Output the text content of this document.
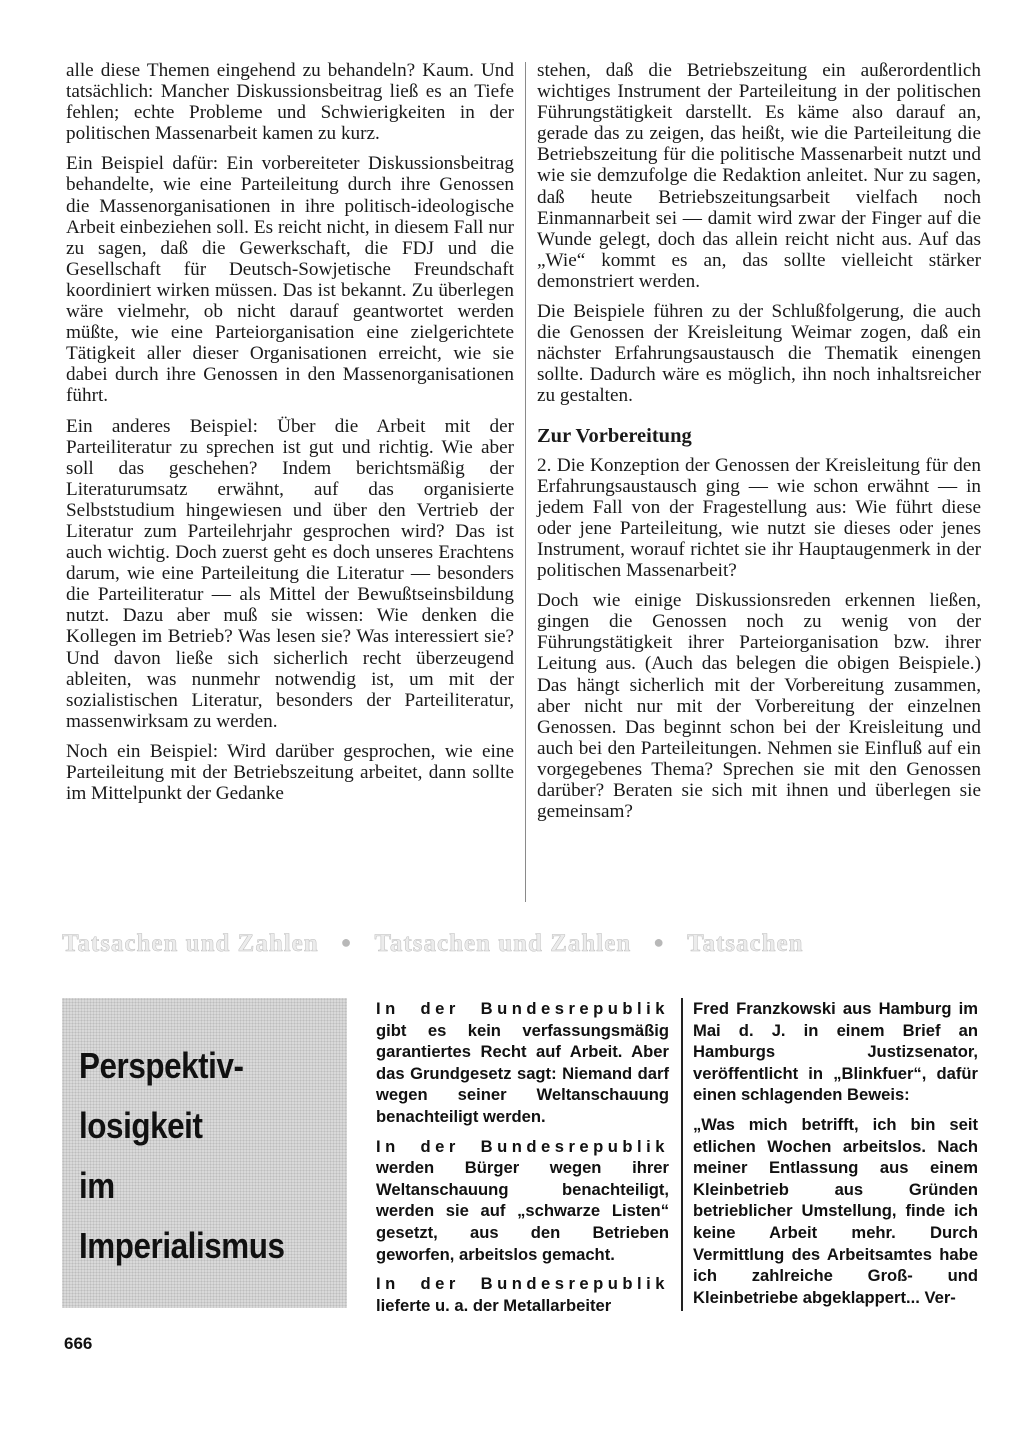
alle diese Themen eingehend zu behandeln? Kaum. Und tatsächlich: Mancher Diskussionsbeitrag ließ es an Tiefe fehlen; echte Probleme und Schwierigkeiten in der politischen Massenarbeit kamen zu kurz.

Ein Beispiel dafür: Ein vorbereiteter Diskussionsbeitrag behandelte, wie eine Parteileitung durch ihre Genossen die Massenorganisationen in ihre politisch-ideologische Arbeit einbeziehen soll. Es reicht nicht, in diesem Fall nur zu sagen, daß die Gewerkschaft, die FDJ und die Gesellschaft für Deutsch-Sowjetische Freundschaft koordiniert wirken müssen. Das ist bekannt. Zu überlegen wäre vielmehr, ob nicht darauf geantwortet werden müßte, wie eine Parteiorganisation eine zielgerichtete Tätigkeit aller dieser Organisationen erreicht, wie sie dabei durch ihre Genossen in den Massenorganisationen führt.

Ein anderes Beispiel: Über die Arbeit mit der Parteiliteratur zu sprechen ist gut und richtig. Wie aber soll das geschehen? Indem berichtsmäßig der Literaturumsatz erwähnt, auf das organisierte Selbststudium hingewiesen und über den Vertrieb der Literatur zum Parteilehrjahr gesprochen wird? Das ist auch wichtig. Doch zuerst geht es doch unseres Erachtens darum, wie eine Parteileitung die Literatur — besonders die Parteiliteratur — als Mittel der Bewußtseinsbildung nutzt. Dazu aber muß sie wissen: Wie denken die Kollegen im Betrieb? Was lesen sie? Was interessiert sie? Und davon ließe sich sicherlich recht überzeugend ableiten, was nunmehr notwendig ist, um mit der sozialistischen Literatur, besonders der Parteiliteratur, massenwirksam zu werden.

Noch ein Beispiel: Wird darüber gesprochen, wie eine Parteileitung mit der Betriebszeitung arbeitet, dann sollte im Mittelpunkt der Gedanke

stehen, daß die Betriebszeitung ein außerordentlich wichtiges Instrument der Parteileitung in der politischen Führungstätigkeit darstellt. Es käme also darauf an, gerade das zu zeigen, das heißt, wie die Parteileitung die Betriebszeitung für die politische Massenarbeit nutzt und wie sie demzufolge die Redaktion anleitet. Nur zu sagen, daß heute Betriebszeitungsarbeit vielfach noch Einmannarbeit sei — damit wird zwar der Finger auf die Wunde gelegt, doch das allein reicht nicht aus. Auf das „Wie“ kommt es an, das sollte vielleicht stärker demonstriert werden.

Die Beispiele führen zu der Schlußfolgerung, die auch die Genossen der Kreisleitung Weimar zogen, daß ein nächster Erfahrungsaustausch die Thematik einengen sollte. Dadurch wäre es möglich, ihn noch inhaltsreicher zu gestalten.

Zur Vorbereitung

2. Die Konzeption der Genossen der Kreisleitung für den Erfahrungsaustausch ging — wie schon erwähnt — in jedem Fall von der Fragestellung aus: Wie führt diese oder jene Parteileitung, wie nutzt sie dieses oder jenes Instrument, worauf richtet sie ihr Hauptaugenmerk in der politischen Massenarbeit?

Doch wie einige Diskussionsreden erkennen ließen, gingen die Genossen noch zu wenig von der Führungstätigkeit ihrer Parteiorganisation bzw. ihrer Leitung aus. (Auch das belegen die obigen Beispiele.) Das hängt sicherlich mit der Vorbereitung zusammen, aber nicht nur mit der Vorbereitung der einzelnen Genossen. Das beginnt schon bei der Kreisleitung und auch bei den Parteileitungen. Nehmen sie Einfluß auf ein vorgegebenes Thema? Sprechen sie mit den Genossen darüber? Beraten sie sich mit ihnen und überlegen sie gemeinsam?

Tatsachen und Zahlen ● Tatsachen und Zahlen ● Tatsachen
Perspektiv-
losigkeit
im
Imperialismus

In der Bundesrepublik gibt es kein verfassungsmäßig garantiertes Recht auf Arbeit. Aber das Grundgesetz sagt: Niemand darf wegen seiner Weltanschauung benachteiligt werden.

In der Bundesrepublik werden Bürger wegen ihrer Weltanschauung benachteiligt, werden sie auf „schwarze Listen“ gesetzt, aus den Betrieben geworfen, arbeitslos gemacht.

In der Bundesrepublik lieferte u. a. der Metallarbeiter

Fred Franzkowski aus Hamburg im Mai d. J. in einem Brief an Hamburgs Justizsenator, veröffentlicht in „Blinkfuer“, dafür einen schlagenden Beweis:

„Was mich betrifft, ich bin seit etlichen Wochen arbeitslos. Nach meiner Entlassung aus einem Kleinbetrieb aus Gründen betrieblicher Umstellung, finde ich keine Arbeit mehr. Durch Vermittlung des Arbeitsamtes habe ich zahlreiche Groß- und Kleinbetriebe abgeklappert... Ver-

666
